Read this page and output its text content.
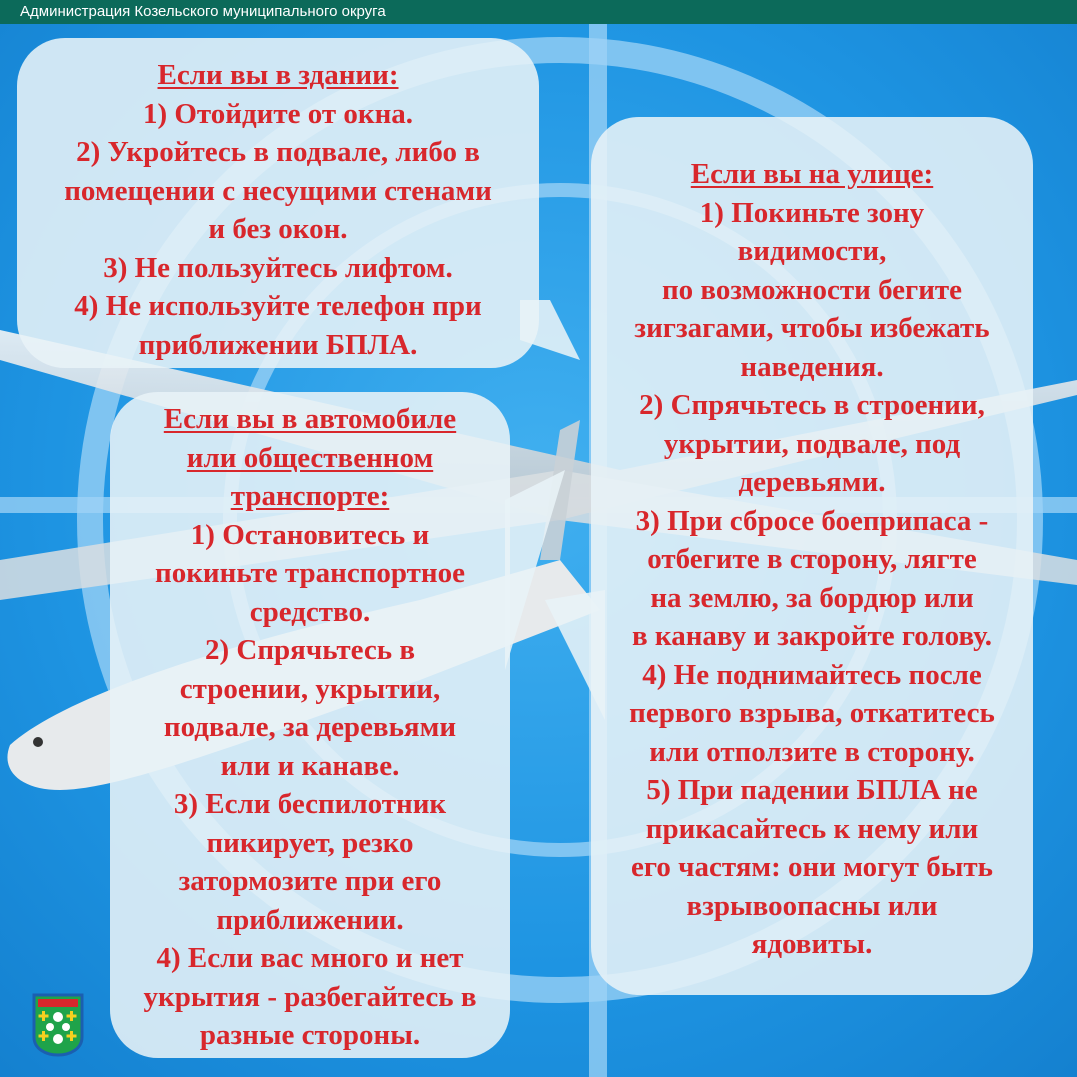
Администрация Козельского муниципального округа
Если вы в здании:
1) Отойдите от окна.
2) Укройтесь в подвале, либо в
помещении с несущими стенами
и без окон.
3) Не пользуйтесь лифтом.
4) Не используйте телефон при
приближении БПЛА.
Если вы на улице:
1) Покиньте зону
видимости,
по возможности бегите
зигзагами, чтобы избежать
наведения.
2) Спрячьтесь в строении,
укрытии, подвале, под
деревьями.
3) При сбросе боеприпаса -
отбегите в сторону, лягте
на землю, за бордюр или
в канаву и закройте голову.
4) Не поднимайтесь после
первого взрыва, откатитесь
или отползите в сторону.
5) При падении БПЛА не
прикасайтесь к нему или
его частям: они могут быть
взрывоопасны или
ядовиты.
Если вы в автомобиле
или общественном
транспорте:
1) Остановитесь и
покиньте транспортное
средство.
2) Спрячьтесь в
строении, укрытии,
подвале, за деревьями
или и канаве.
3) Если беспилотник
пикирует, резко
затормозите при его
приближении.
4) Если вас много и нет
укрытия - разбегайтесь в
разные стороны.
